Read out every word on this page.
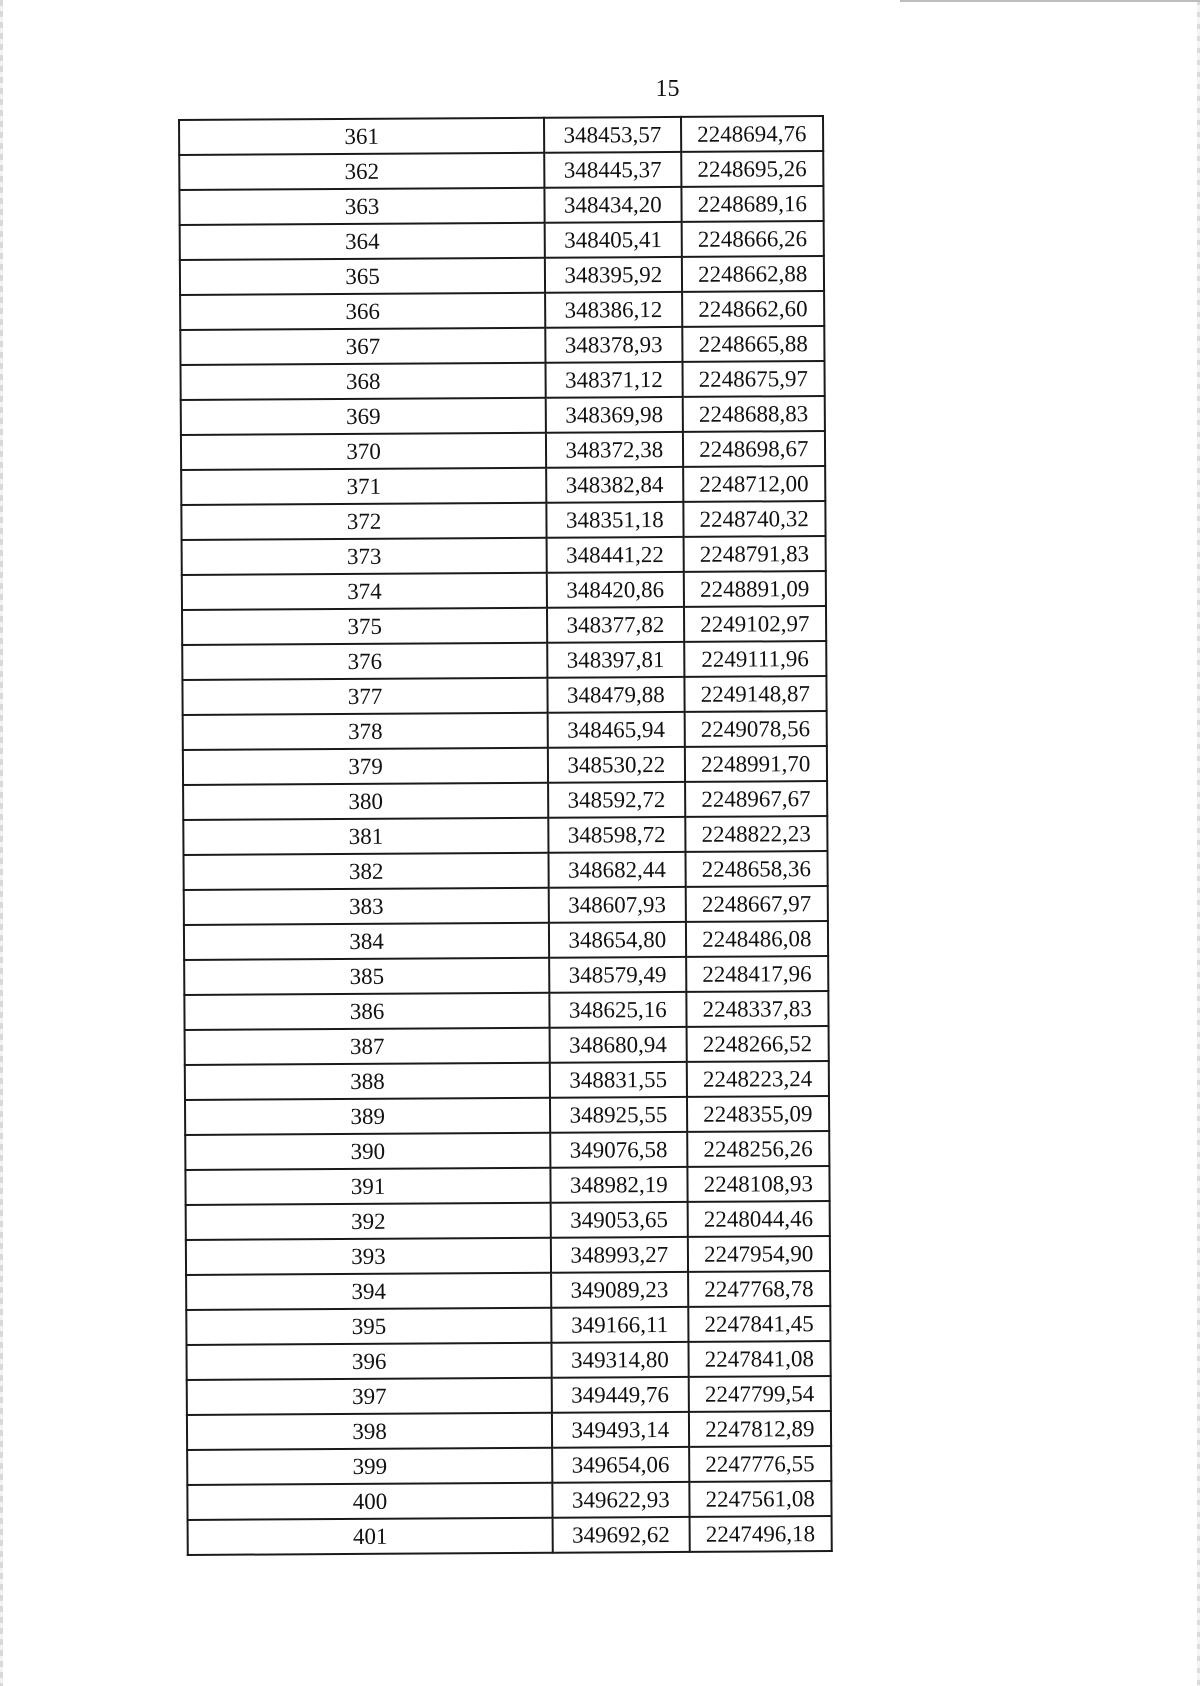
15
361	348453,57	2248694,76
362	348445,37	2248695,26
363	348434,20	2248689,16
364	348405,41	2248666,26
365	348395,92	2248662,88
366	348386,12	2248662,60
367	348378,93	2248665,88
368	348371,12	2248675,97
369	348369,98	2248688,83
370	348372,38	2248698,67
371	348382,84	2248712,00
372	348351,18	2248740,32
373	348441,22	2248791,83
374	348420,86	2248891,09
375	348377,82	2249102,97
376	348397,81	2249111,96
377	348479,88	2249148,87
378	348465,94	2249078,56
379	348530,22	2248991,70
380	348592,72	2248967,67
381	348598,72	2248822,23
382	348682,44	2248658,36
383	348607,93	2248667,97
384	348654,80	2248486,08
385	348579,49	2248417,96
386	348625,16	2248337,83
387	348680,94	2248266,52
388	348831,55	2248223,24
389	348925,55	2248355,09
390	349076,58	2248256,26
391	348982,19	2248108,93
392	349053,65	2248044,46
393	348993,27	2247954,90
394	349089,23	2247768,78
395	349166,11	2247841,45
396	349314,80	2247841,08
397	349449,76	2247799,54
398	349493,14	2247812,89
399	349654,06	2247776,55
400	349622,93	2247561,08
401	349692,62	2247496,18
